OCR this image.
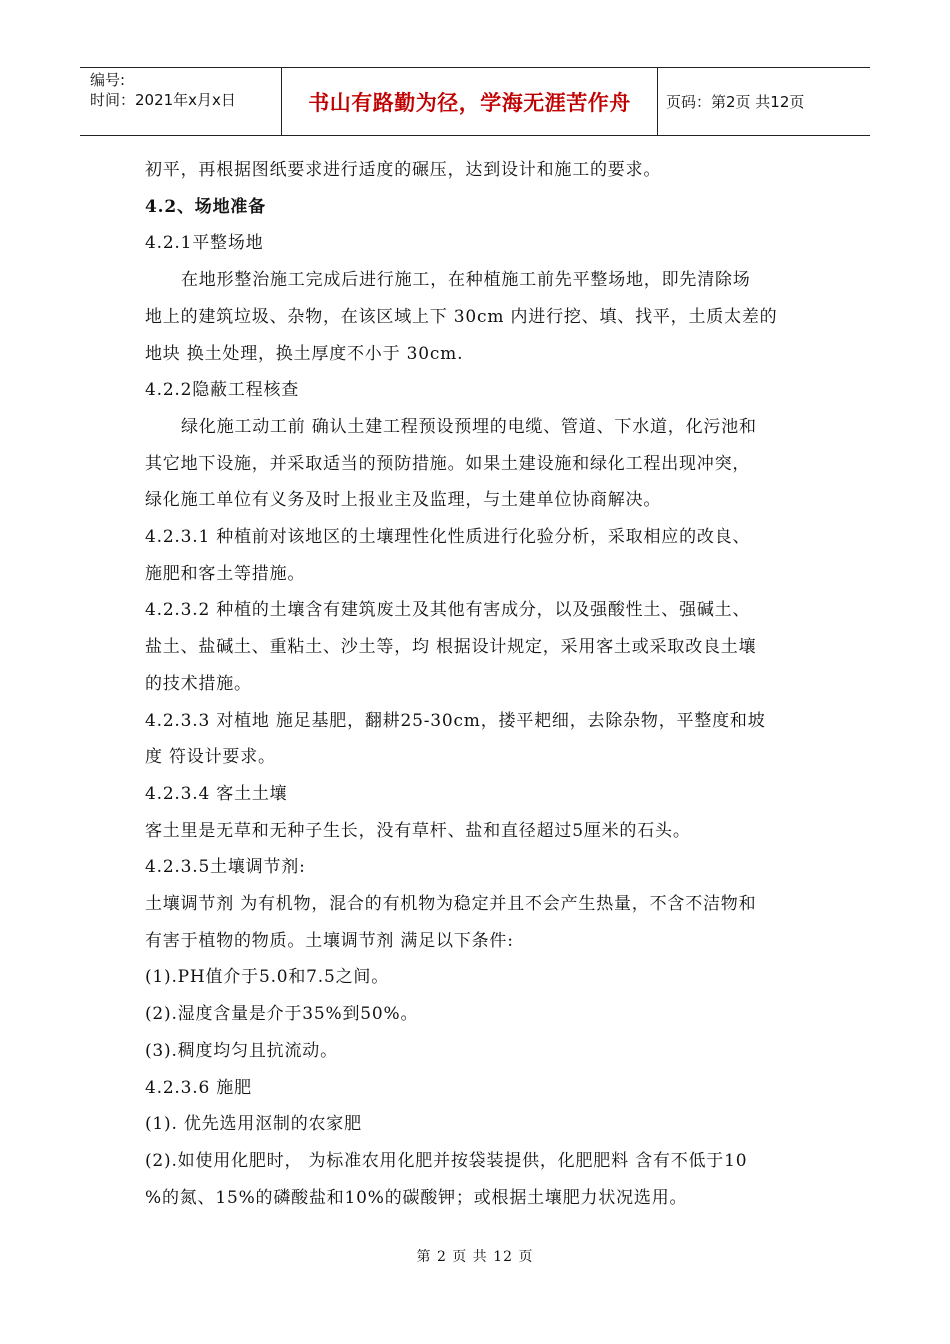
编号:
时间：2021年x月x日	书山有路勤为径，学海无涯苦作舟	页码：第2页 共12页
初平，再根据图纸要求进行适度的碾压，达到设计和施工的要求。
4.2、场地准备
4.2.1平整场地
在地形整治施工完成后进行施工，在种植施工前先平整场地，即先清除场
地上的建筑垃圾、杂物，在该区域上下 30cm 内进行挖、填、找平，土质太差的
地块 换土处理，换土厚度不小于 30cm.
4.2.2隐蔽工程核查
绿化施工动工前 确认土建工程预设预埋的电缆、管道、下水道，化污池和
其它地下设施，并采取适当的预防措施。如果土建设施和绿化工程出现冲突，
绿化施工单位有义务及时上报业主及监理，与土建单位协商解决。
4.2.3.1 种植前对该地区的土壤理性化性质进行化验分析，采取相应的改良、
施肥和客土等措施。
4.2.3.2 种植的土壤含有建筑废土及其他有害成分，以及强酸性土、强碱土、
盐土、盐碱土、重粘土、沙土等，均 根据设计规定，采用客土或采取改良土壤
的技术措施。
4.2.3.3 对植地 施足基肥，翻耕25-30cm，搂平耙细，去除杂物，平整度和坡
度 符设计要求。
4.2.3.4 客土土壤
客土里是无草和无种子生长，没有草杆、盐和直径超过5厘米的石头。
4.2.3.5土壤调节剂:
土壤调节剂 为有机物，混合的有机物为稳定并且不会产生热量，不含不洁物和
有害于植物的物质。土壤调节剂 满足以下条件:
(1).PH值介于5.0和7.5之间。
(2).湿度含量是介于35%到50%。
(3).稠度均匀且抗流动。
4.2.3.6 施肥
(1). 优先选用沤制的农家肥
(2).如使用化肥时， 为标准农用化肥并按袋装提供，化肥肥料 含有不低于10
%的氮、15%的磷酸盐和10%的碳酸钾；或根据土壤肥力状况选用。
第 2 页 共 12 页
